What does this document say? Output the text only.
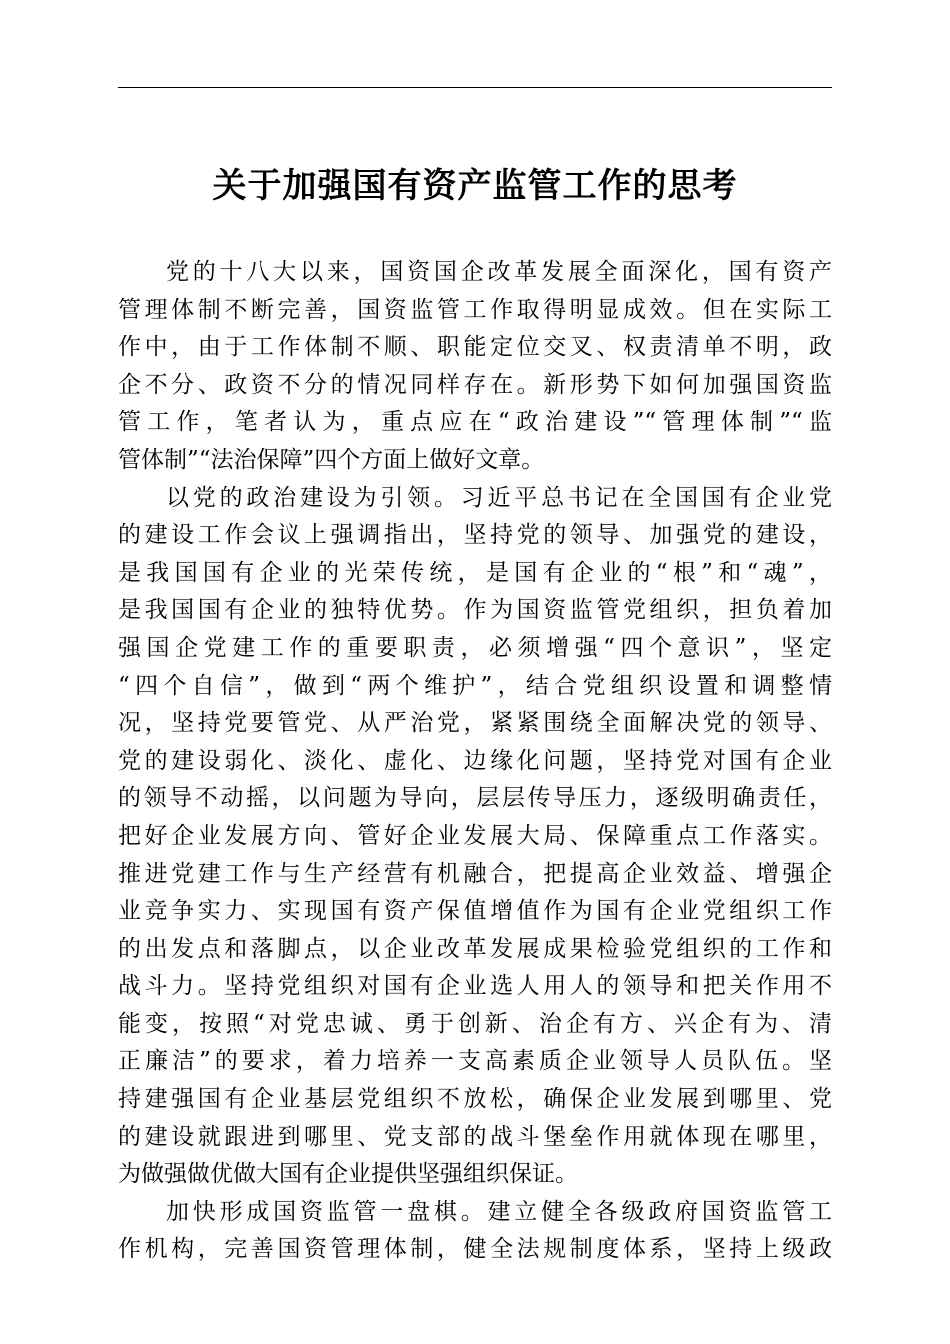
关于加强国有资产监管工作的思考
党的十八大以来，国资国企改革发展全面深化，国有资产
管理体制不断完善，国资监管工作取得明显成效。但在实际工
作中，由于工作体制不顺、职能定位交叉、权责清单不明，政
企不分、政资不分的情况同样存在。新形势下如何加强国资监
管工作，笔者认为，重点应在“政治建设”“管理体制”“监
管体制”“法治保障”四个方面上做好文章。
以党的政治建设为引领。习近平总书记在全国国有企业党
的建设工作会议上强调指出，坚持党的领导、加强党的建设，
是我国国有企业的光荣传统，是国有企业的“根”和“魂”，
是我国国有企业的独特优势。作为国资监管党组织，担负着加
强国企党建工作的重要职责，必须增强“四个意识”，坚定
“四个自信”，做到“两个维护”，结合党组织设置和调整情
况，坚持党要管党、从严治党，紧紧围绕全面解决党的领导、
党的建设弱化、淡化、虚化、边缘化问题，坚持党对国有企业
的领导不动摇，以问题为导向，层层传导压力，逐级明确责任，
把好企业发展方向、管好企业发展大局、保障重点工作落实。
推进党建工作与生产经营有机融合，把提高企业效益、增强企
业竞争实力、实现国有资产保值增值作为国有企业党组织工作
的出发点和落脚点，以企业改革发展成果检验党组织的工作和
战斗力。坚持党组织对国有企业选人用人的领导和把关作用不
能变，按照“对党忠诚、勇于创新、治企有方、兴企有为、清
正廉洁”的要求，着力培养一支高素质企业领导人员队伍。坚
持建强国有企业基层党组织不放松，确保企业发展到哪里、党
的建设就跟进到哪里、党支部的战斗堡垒作用就体现在哪里，
为做强做优做大国有企业提供坚强组织保证。
加快形成国资监管一盘棋。建立健全各级政府国资监管工
作机构，完善国资管理体制，健全法规制度体系，坚持上级政
